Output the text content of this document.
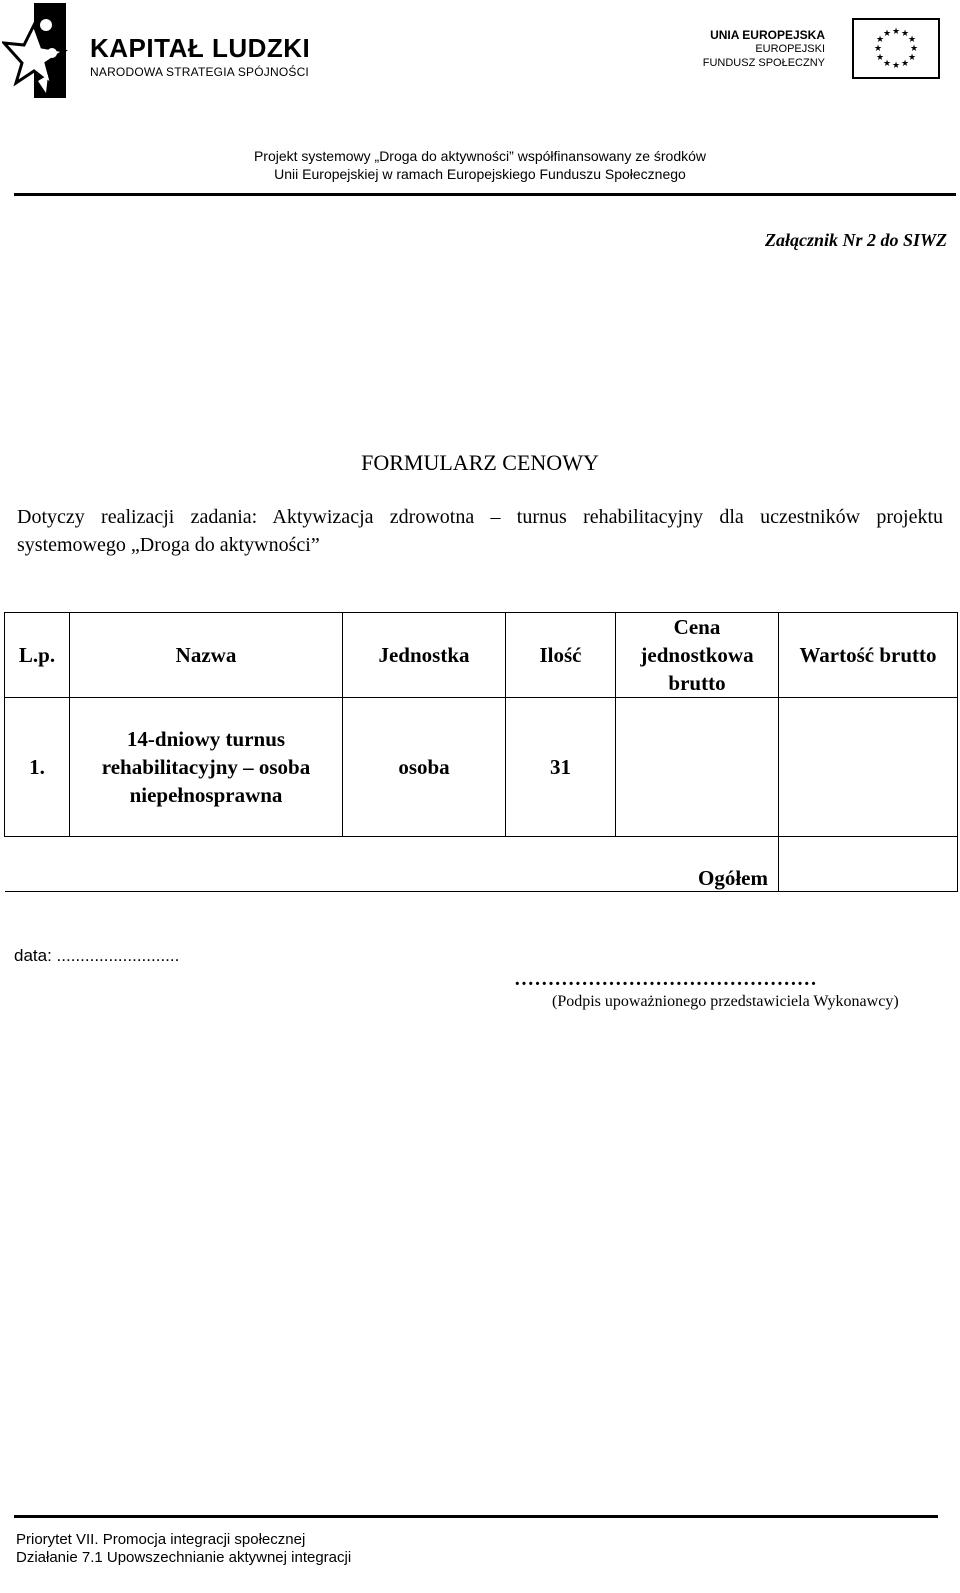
KAPITAŁ LUDZKI
NARODOWA STRATEGIA SPÓJNOŚCI
UNIA EUROPEJSKA
EUROPEJSKI
FUNDUSZ SPOŁECZNY
★ ★
★
★
★
★
★
★
★
★
★
★
Projekt systemowy „Droga do aktywności” współfinansowany ze środków
Unii Europejskiej w ramach Europejskiego Funduszu Społecznego
Załącznik Nr 2 do SIWZ
FORMULARZ CENOWY
Dotyczy realizacji zadania: Aktywizacja zdrowotna – turnus rehabilitacyjny dla uczestników projektu systemowego „Droga do aktywności”
L.p.	Nazwa	Jednostka	Ilość	Cena jednostkowa brutto	Wartość brutto
1.	14-dniowy turnus rehabilitacyjny – osoba niepełnosprawna	osoba	31		
Ogółem					
data: ..........................
………………………………………
(Podpis upoważnionego przedstawiciela Wykonawcy)
Priorytet VII. Promocja integracji społecznej
Działanie 7.1 Upowszechnianie aktywnej integracji
